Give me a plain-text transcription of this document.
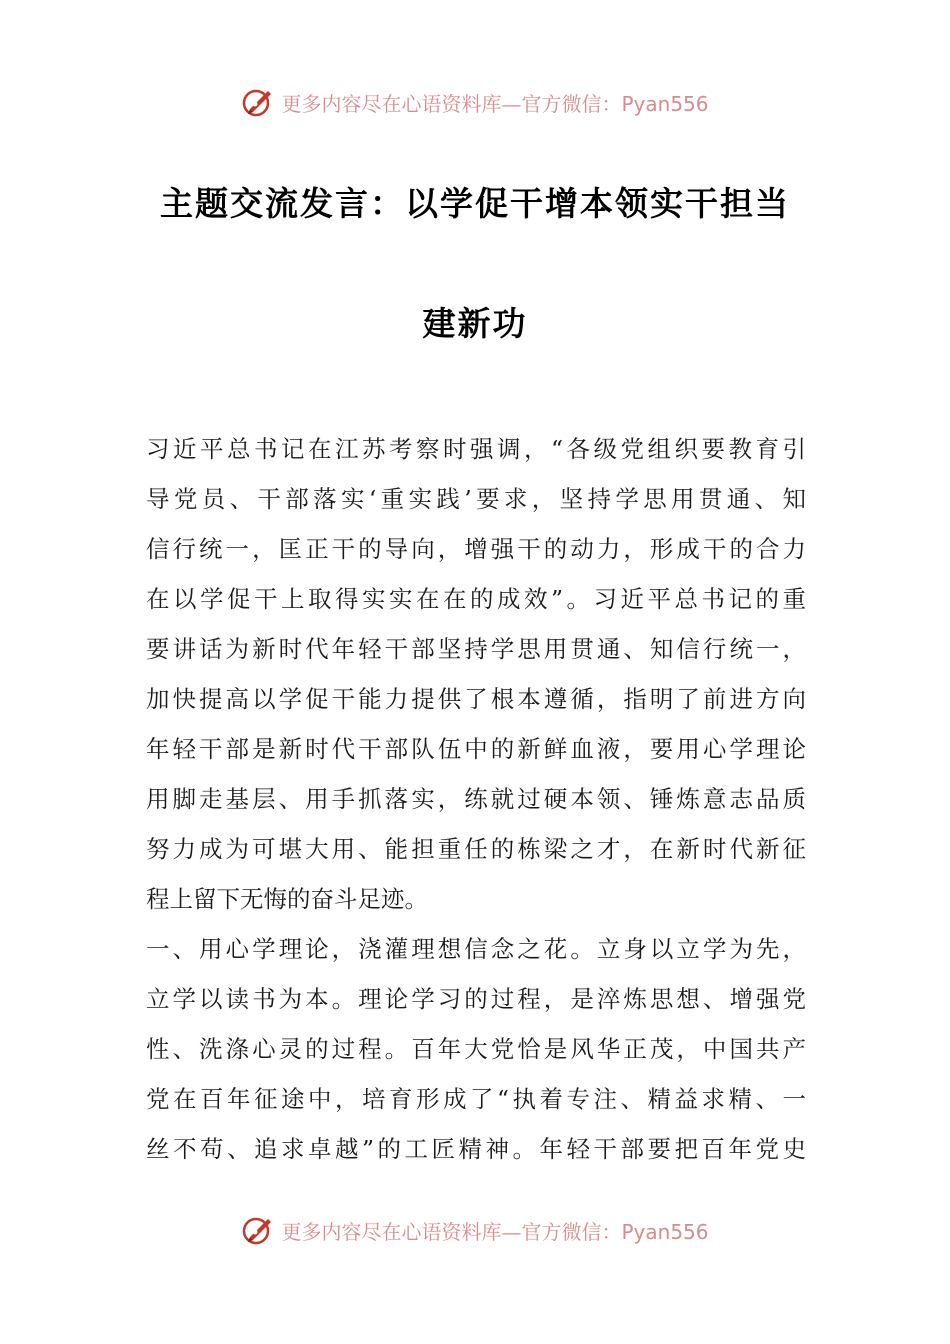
更多内容尽在心语资料库—官方微信：Pyan556
主题交流发言：以学促干增本领实干担当
建新功
习近平总书记在江苏考察时强调，“各级党组织要教育引
导党员、干部落实‘重实践’要求，坚持学思用贯通、知
信行统一，匡正干的导向，增强干的动力，形成干的合力
在以学促干上取得实实在在的成效”。习近平总书记的重
要讲话为新时代年轻干部坚持学思用贯通、知信行统一，
加快提高以学促干能力提供了根本遵循，指明了前进方向
年轻干部是新时代干部队伍中的新鲜血液，要用心学理论
用脚走基层、用手抓落实，练就过硬本领、锤炼意志品质
努力成为可堪大用、能担重任的栋梁之才，在新时代新征
程上留下无悔的奋斗足迹。
一、用心学理论，浇灌理想信念之花。立身以立学为先，
立学以读书为本。理论学习的过程，是淬炼思想、增强党
性、洗涤心灵的过程。百年大党恰是风华正茂，中国共产
党在百年征途中，培育形成了“执着专注、精益求精、一
丝不苟、追求卓越”的工匠精神。年轻干部要把百年党史
更多内容尽在心语资料库—官方微信：Pyan556
